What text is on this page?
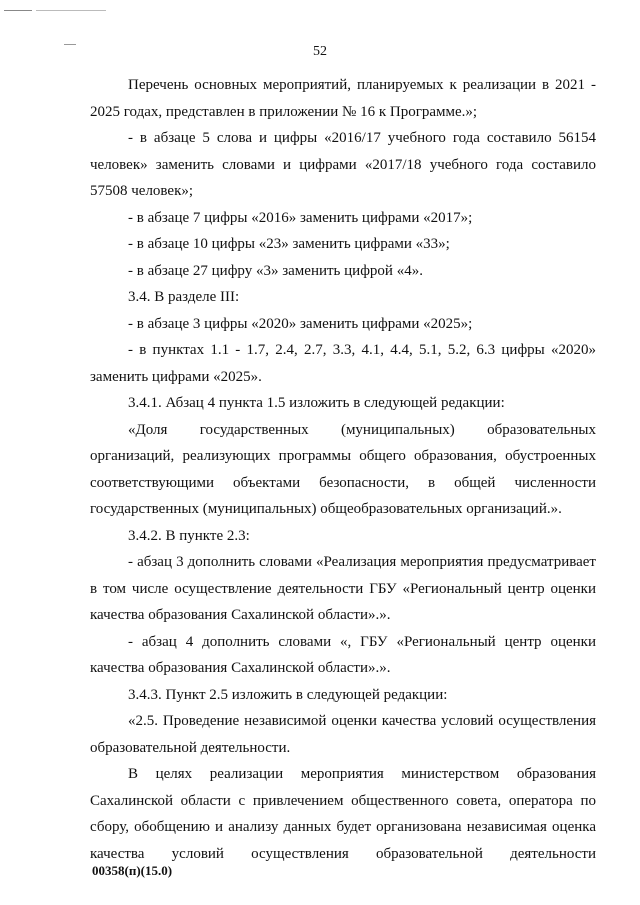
52

Перечень основных мероприятий, планируемых к реализации в 2021 - 2025 годах, представлен в приложении № 16 к Программе.»;

- в абзаце 5 слова и цифры «2016/17 учебного года составило 56154 человек» заменить словами и цифрами «2017/18 учебного года составило 57508 человек»;

- в абзаце 7 цифры «2016» заменить цифрами «2017»;

- в абзаце 10 цифры «23» заменить цифрами «33»;

- в абзаце 27 цифру «3» заменить цифрой «4».

3.4. В разделе III:

- в абзаце 3 цифры «2020» заменить цифрами «2025»;

- в пунктах 1.1 - 1.7, 2.4, 2.7, 3.3, 4.1, 4.4, 5.1, 5.2, 6.3 цифры «2020» заменить цифрами «2025».

3.4.1. Абзац 4 пункта 1.5 изложить в следующей редакции:

«Доля государственных (муниципальных) образовательных организаций, реализующих программы общего образования, обустроенных соответствующими объектами безопасности, в общей численности государственных (муниципальных) общеобразовательных организаций.».

3.4.2. В пункте 2.3:

- абзац 3 дополнить словами «Реализация мероприятия предусматривает в том числе осуществление деятельности ГБУ «Региональный центр оценки качества образования Сахалинской области».».

- абзац 4 дополнить словами «, ГБУ «Региональный центр оценки качества образования Сахалинской области».».

3.4.3. Пункт 2.5 изложить в следующей редакции:

«2.5. Проведение независимой оценки качества условий осуществления образовательной деятельности.

В целях реализации мероприятия министерством образования Сахалинской области с привлечением общественного совета, оператора по сбору, обобщению и анализу данных будет организована независимая оценка качества условий осуществления образовательной деятельности

00358(п)(15.0)
